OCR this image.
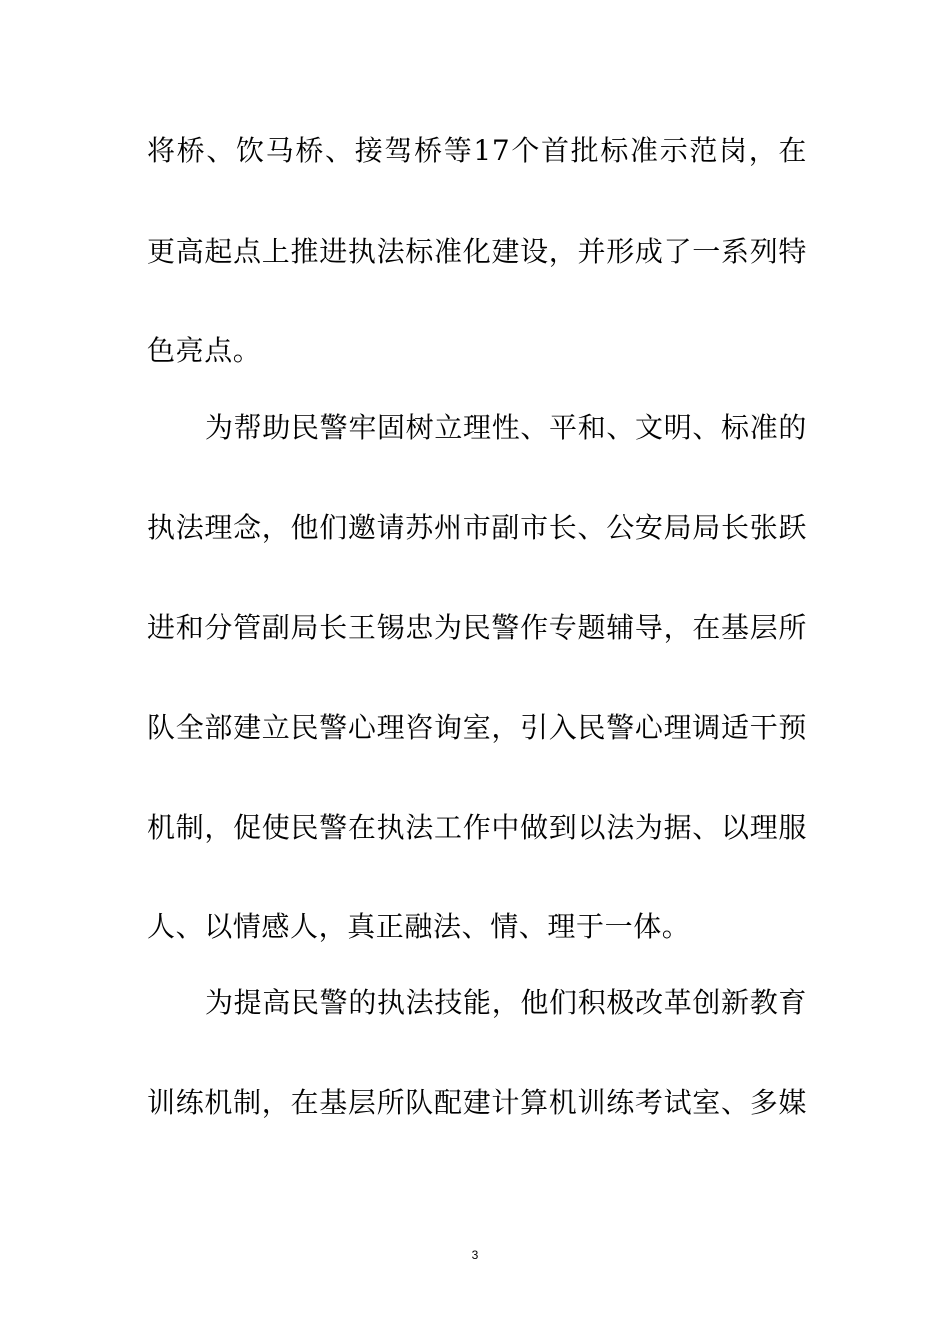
将桥、饮马桥、接驾桥等17个首批标准示范岗，在
更高起点上推进执法标准化建设，并形成了一系列特
色亮点。
为帮助民警牢固树立理性、平和、文明、标准的
执法理念，他们邀请苏州市副市长、公安局局长张跃
进和分管副局长王锡忠为民警作专题辅导，在基层所
队全部建立民警心理咨询室，引入民警心理调适干预
机制，促使民警在执法工作中做到以法为据、以理服
人、以情感人，真正融法、情、理于一体。
为提高民警的执法技能，他们积极改革创新教育
训练机制，在基层所队配建计算机训练考试室、多媒
3
